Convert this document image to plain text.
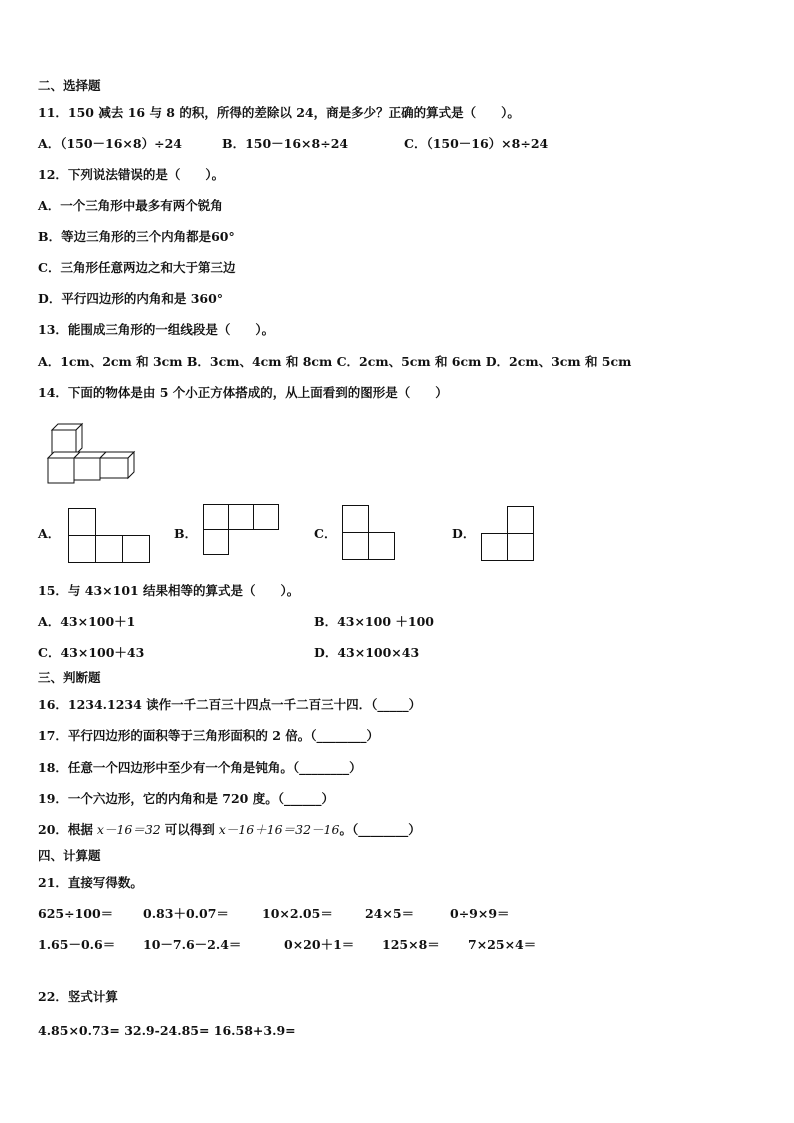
二、选择题
11．150 减去 16 与 8 的积，所得的差除以 24，商是多少？正确的算式是（　　）。
A．（150－16×8）÷24	B．150－16×8÷24	C．（150－16）×8÷24
12．下列说法错误的是（　　）。
A．一个三角形中最多有两个锐角
B．等边三角形的三个内角都是60°
C．三角形任意两边之和大于第三边
D．平行四边形的内角和是 360°
13．能围成三角形的一组线段是（　　）。
A．1cm、2cm 和 3cm B．3cm、4cm 和 8cm C．2cm、5cm 和 6cm D．2cm、3cm 和 5cm
14．下面的物体是由 5 个小正方体搭成的，从上面看到的图形是（　　）
A．	B．	C．	D．
15．与 43×101 结果相等的算式是（　　）。
A．43×100＋1	B．43×100 ＋100
C．43×100＋43	D．43×100×43
三、判断题
16．1234.1234 读作一千二百三十四点一千二百三十四．（_____）
17．平行四边形的面积等于三角形面积的 2 倍。（________）
18．任意一个四边形中至少有一个角是钝角。（________）
19．一个六边形，它的内角和是 720 度。（______）
20．根据 x－16＝32 可以得到 x－16＋16＝32－16。（________）
四、计算题
21．直接写得数。
625÷100＝ 0.83＋0.07＝	10×2.05＝	24×5＝	0÷9×9＝
1.65－0.6＝ 10－7.6－2.4＝	0×20＋1＝ 125×8＝ 7×25×4＝
22．竖式计算
4.85×0.73= 32.9-24.85= 16.58+3.9=
